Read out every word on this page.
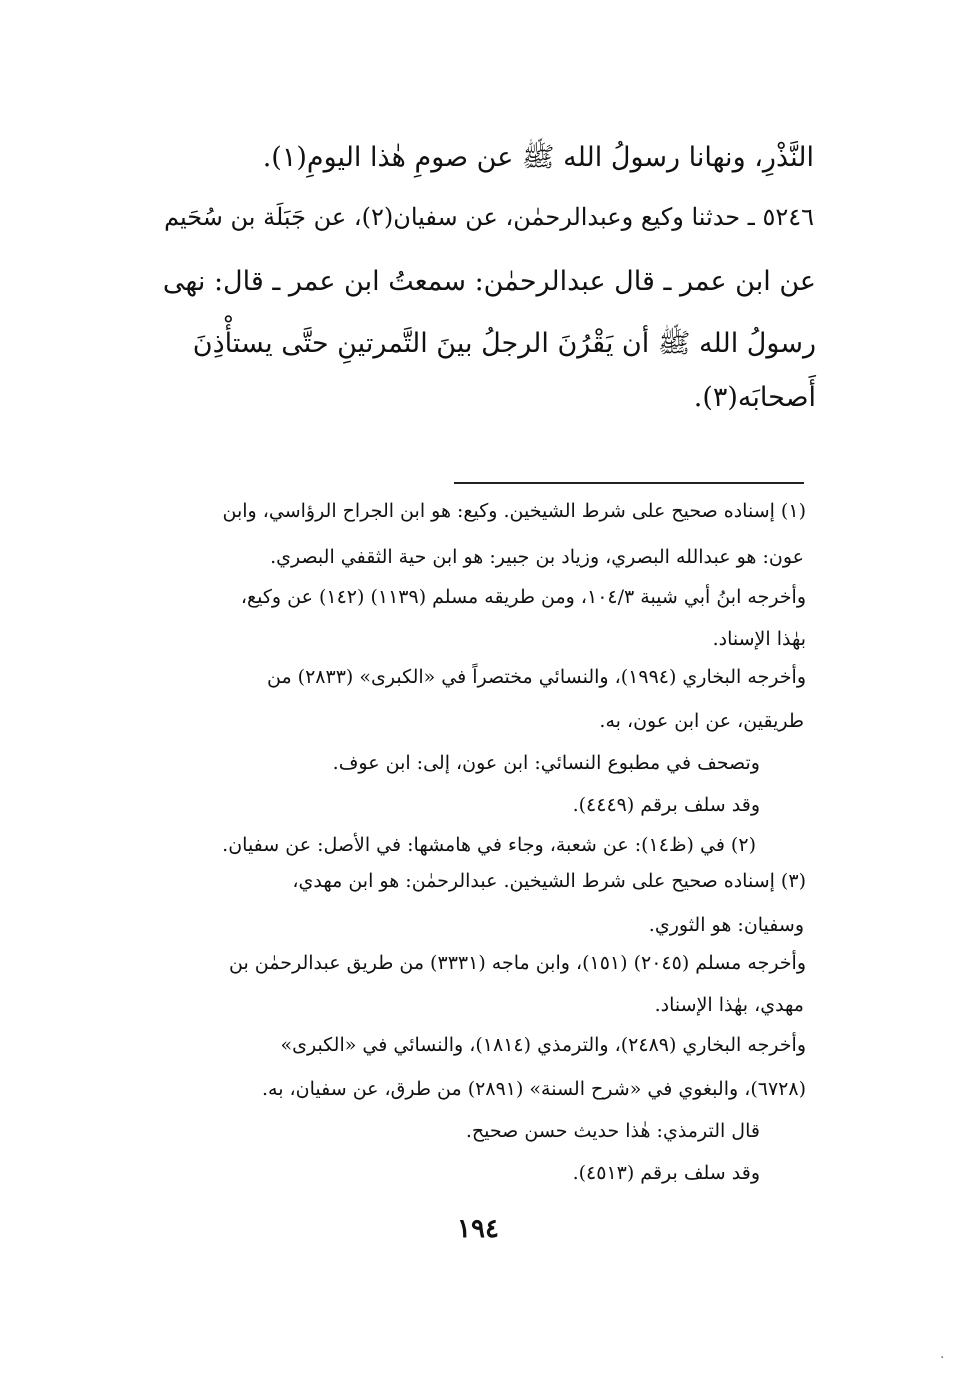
النَّذْرِ، ونهانا رسولُ الله ﷺ عن صومِ هٰذا اليومِ(١).

٥٢٤٦ ـ حدثنا وكيع وعبدالرحمٰن، عن سفيان(٢)، عن جَبَلَة بن سُحَيم

عن ابن عمر ـ قال عبدالرحمٰن: سمعتُ ابن عمر ـ قال: نهى

رسولُ الله ﷺ أن يَقْرُنَ الرجلُ بينَ التَّمرتينِ حتَّى يستأْذِنَ

أَصحابَه(٣).

(١) إسناده صحيح على شرط الشيخين. وكيع: هو ابن الجراح الرؤاسي، وابن

عون: هو عبدالله البصري، وزياد بن جبير: هو ابن حية الثقفي البصري.

وأخرجه ابنُ أبي شيبة ١٠٤/٣، ومن طريقه مسلم (١١٣٩) (١٤٢) عن وكيع،

بهٰذا الإسناد.

وأخرجه البخاري (١٩٩٤)، والنسائي مختصراً في «الكبرى» (٢٨٣٣) من

طريقين، عن ابن عون، به.

وتصحف في مطبوع النسائي: ابن عون، إلى: ابن عوف.

وقد سلف برقم (٤٤٤٩).

(٢) في (ظ١٤): عن شعبة، وجاء في هامشها: في الأصل: عن سفيان.

(٣) إسناده صحيح على شرط الشيخين. عبدالرحمٰن: هو ابن مهدي،

وسفيان: هو الثوري.

وأخرجه مسلم (٢٠٤٥) (١٥١)، وابن ماجه (٣٣٣١) من طريق عبدالرحمٰن بن

مهدي، بهٰذا الإسناد.

وأخرجه البخاري (٢٤٨٩)، والترمذي (١٨١٤)، والنسائي في «الكبرى»

(٦٧٢٨)، والبغوي في «شرح السنة» (٢٨٩١) من طرق، عن سفيان، به.

قال الترمذي: هٰذا حديث حسن صحيح.

وقد سلف برقم (٤٥١٣).

١٩٤

·
